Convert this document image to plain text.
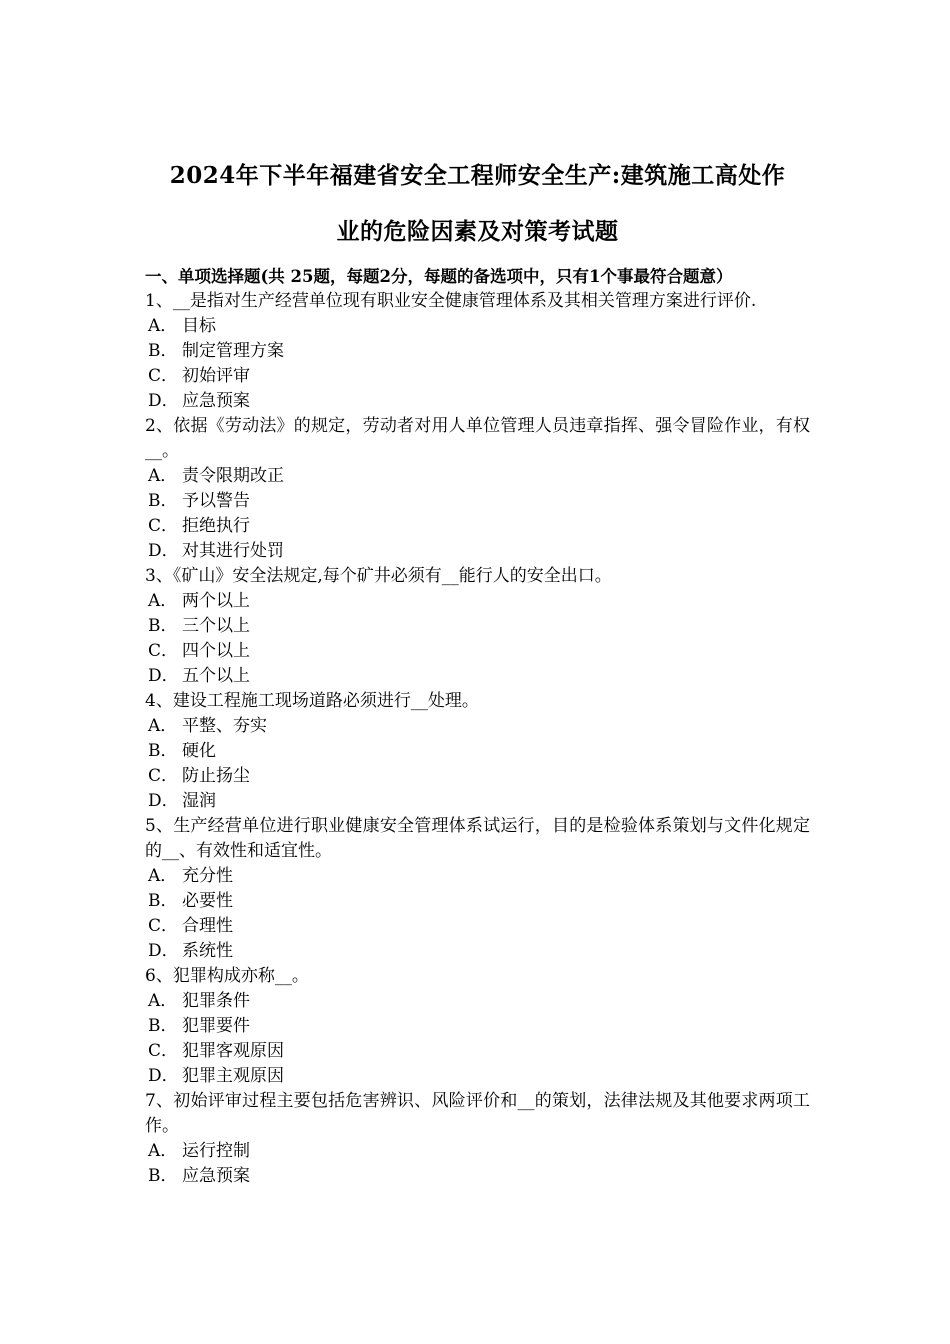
2024年下半年福建省安全工程师安全生产:建筑施工高处作
业的危险因素及对策考试题
一、单项选择题(共 25题，每题2分，每题的备选项中，只有1个事最符合题意）
1、__是指对生产经营单位现有职业安全健康管理体系及其相关管理方案进行评价.
A． 目标
B． 制定管理方案
C． 初始评审
D． 应急预案
2、依据《劳动法》的规定，劳动者对用人单位管理人员违章指挥、强令冒险作业，有权__。
A． 责令限期改正
B． 予以警告
C． 拒绝执行
D． 对其进行处罚
3、《矿山》安全法规定,每个矿井必须有__能行人的安全出口。
A． 两个以上
B． 三个以上
C． 四个以上
D． 五个以上
4、建设工程施工现场道路必须进行__处理。
A． 平整、夯实
B． 硬化
C． 防止扬尘
D． 湿润
5、生产经营单位进行职业健康安全管理体系试运行，目的是检验体系策划与文件化规定的__、有效性和适宜性。
A． 充分性
B． 必要性
C． 合理性
D． 系统性
6、犯罪构成亦称__。
A． 犯罪条件
B． 犯罪要件
C． 犯罪客观原因
D． 犯罪主观原因
7、初始评审过程主要包括危害辨识、风险评价和__的策划，法律法规及其他要求两项工作。
A． 运行控制
B． 应急预案
